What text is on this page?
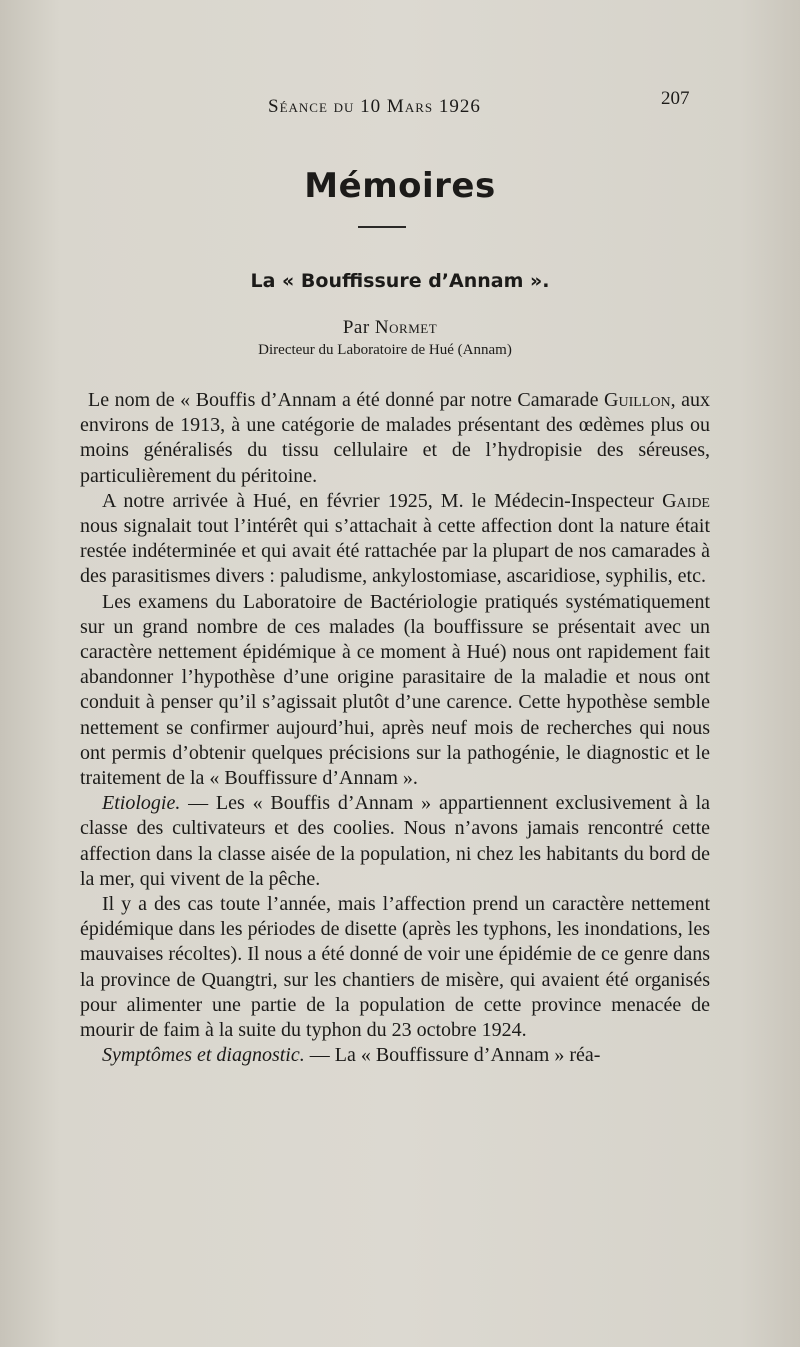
Séance du 10 Mars 1926	207
Mémoires
La « Bouffissure d’Annam ».
Par Normet
Directeur du Laboratoire de Hué (Annam)

Le nom de « Bouffis d’Annam a été donné par notre Camarade Guillon, aux environs de 1913, à une catégorie de malades présentant des œdèmes plus ou moins généralisés du tissu cellulaire et de l’hydropisie des séreuses, particulièrement du péritoine.

A notre arrivée à Hué, en février 1925, M. le Médecin-Inspecteur Gaide nous signalait tout l’intérêt qui s’attachait à cette affection dont la nature était restée indéterminée et qui avait été rattachée par la plupart de nos camarades à des parasitismes divers : paludisme, ankylostomiase, ascaridiose, syphilis, etc.

Les examens du Laboratoire de Bactériologie pratiqués systématiquement sur un grand nombre de ces malades (la bouffissure se présentait avec un caractère nettement épidémique à ce moment à Hué) nous ont rapidement fait abandonner l’hypothèse d’une origine parasitaire de la maladie et nous ont conduit à penser qu’il s’agissait plutôt d’une carence. Cette hypothèse semble nettement se confirmer aujourd’hui, après neuf mois de recherches qui nous ont permis d’obtenir quelques précisions sur la pathogénie, le diagnostic et le traitement de la « Bouffissure d’Annam ».

Etiologie. — Les « Bouffis d’Annam » appartiennent exclusivement à la classe des cultivateurs et des coolies. Nous n’avons jamais rencontré cette affection dans la classe aisée de la population, ni chez les habitants du bord de la mer, qui vivent de la pêche.

Il y a des cas toute l’année, mais l’affection prend un caractère nettement épidémique dans les périodes de disette (après les typhons, les inondations, les mauvaises récoltes). Il nous a été donné de voir une épidémie de ce genre dans la province de Quangtri, sur les chantiers de misère, qui avaient été organisés pour alimenter une partie de la population de cette province menacée de mourir de faim à la suite du typhon du 23 octobre 1924.

Symptômes et diagnostic. — La « Bouffissure d’Annam » réa-
